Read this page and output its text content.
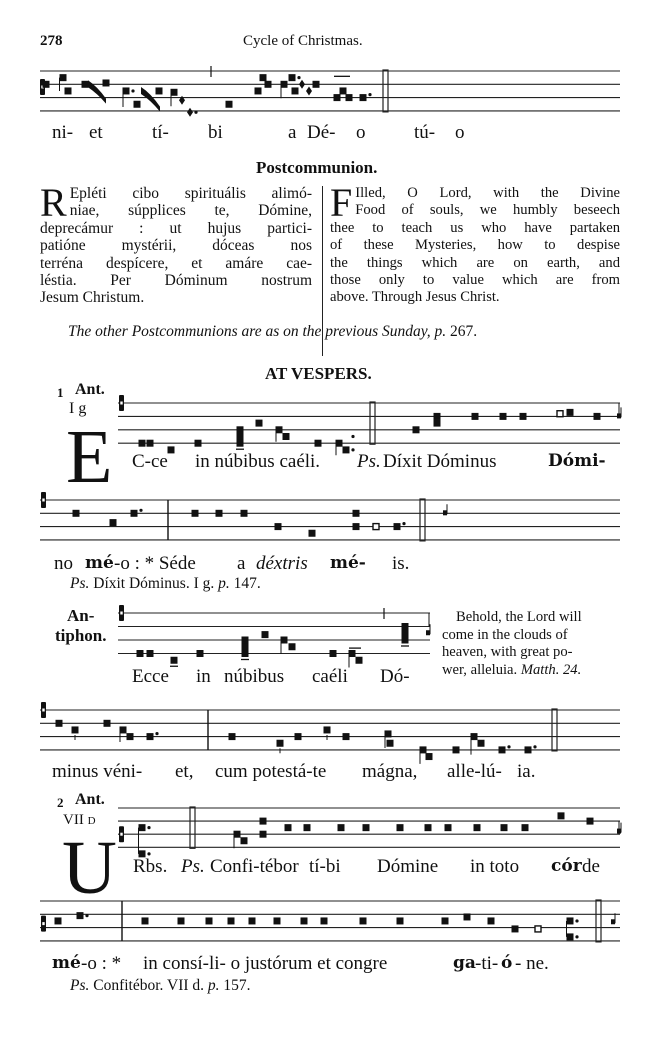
278	Cycle of Christmas.
ni- et	tí- bi	a Dé- o	tú- o
Postcommunion.
R Epléti cibo spirituális alimó-
niae, súpplices te, Dómine,
deprecámur : ut hujus partici-
patióne mystérii, dóceas nos
terréna despícere, et amáre cae-
léstia. Per Dóminum nostrum
Jesum Christum.
F Illed, O Lord, with the Divine
Food of souls, we humbly beseech
thee to teach us who have partaken
of these Mysteries, how to despise
the things which are on earth, and
those only to value which are from
above. Through Jesus Christ.
The other Postcommunions are as on the previous Sunday, p. 267.
AT VESPERS.
1 Ant.
I g
E C-ce in núbibus caéli. Ps. Díxit Dóminus	Dómi-
no mé -o : * Séde a déxtris mé- is.
Ps. Díxit Dóminus. I g. p. 147.
An-
tiphon.
Ecce in núbibus caéli Dó-
Behold, the Lord will
come in the clouds of
heaven, with great po-
wer, alleluia. Matth. 24.
minus véni- et, cum potestá-te mágna, alle-lú- ia.
2 Ant.
VII d
U Rbs. Ps. Confi-tébor tí-bi Dómine in toto cór de
mé -o : * in consí-li- o justórum et congre	ga -ti- ó - ne.
Ps. Confitébor. VII d. p. 157.
